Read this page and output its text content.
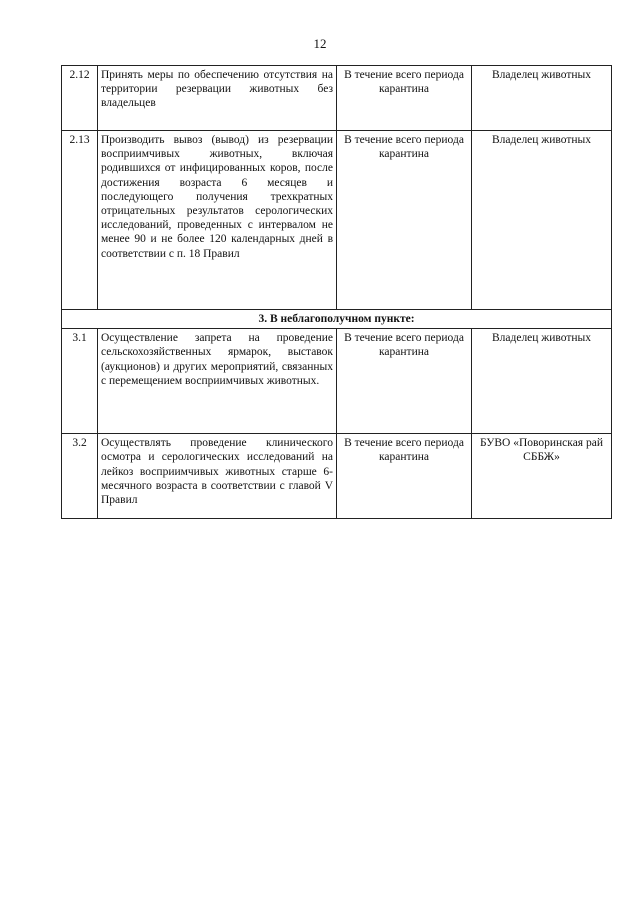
12
2.12	Принять меры по обеспечению отсутствия на территории резервации животных без владельцев	В течение всего периода карантина	Владелец животных
2.13	Производить вывоз (вывод) из резервации восприимчивых животных, включая родившихся от инфицированных коров, после достижения возраста 6 месяцев и последующего получения трехкратных отрицательных результатов серологических исследований, проведенных с интервалом не менее 90 и не более 120 календарных дней в соответствии с п. 18 Правил	В течение всего периода карантина	Владелец животных
3. В неблагополучном пункте:			
3.1	Осуществление запрета на проведение сельскохозяйственных ярмарок, выставок (аукционов) и других мероприятий, связанных с перемещением восприимчивых животных.	В течение всего периода карантина	Владелец животных
3.2	Осуществлять проведение клинического осмотра и серологических исследований на лейкоз восприимчивых животных старше 6-месячного возраста в соответствии с главой V Правил	В течение всего периода карантина	БУВО «Поворинская рай СББЖ»
